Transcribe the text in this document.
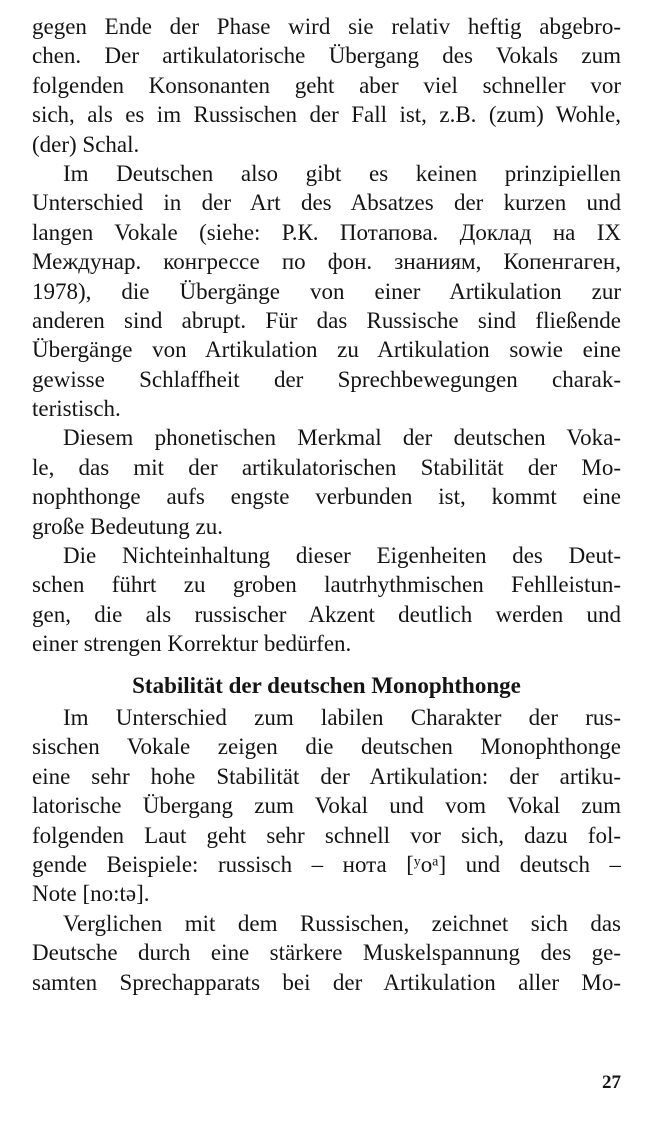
gegen Ende der Phase wird sie relativ heftig abgebro-
chen. Der artikulatorische Übergang des Vokals zum
folgenden Konsonanten geht aber viel schneller vor
sich, als es im Russischen der Fall ist, z.B. (zum) Wohle,
(der) Schal.
Im Deutschen also gibt es keinen prinzipiellen
Unterschied in der Art des Absatzes der kurzen und
langen Vokale (siehe: Р.К. Потапова. Доклад на IX
Междунар. конгрессе по фон. знаниям, Копенгаген,
1978), die Übergänge von einer Artikulation zur
anderen sind abrupt. Für das Russische sind fließende
Übergänge von Artikulation zu Artikulation sowie eine
gewisse Schlaffheit der Sprechbewegungen charak-
teristisch.
Diesem phonetischen Merkmal der deutschen Voka-
le, das mit der artikulatorischen Stabilität der Mo-
nophthonge aufs engste verbunden ist, kommt eine
große Bedeutung zu.
Die Nichteinhaltung dieser Eigenheiten des Deut-
schen führt zu groben lautrhythmischen Fehlleistun-
gen, die als russischer Akzent deutlich werden und
einer strengen Korrektur bedürfen.
Stabilität der deutschen Monophthonge
Im Unterschied zum labilen Charakter der rus-
sischen Vokale zeigen die deutschen Monophthonge
eine sehr hohe Stabilität der Artikulation: der artiku-
latorische Übergang zum Vokal und vom Vokal zum
folgenden Laut geht sehr schnell vor sich, dazu fol-
gende Beispiele: russisch – нота [ʸoᵃ] und deutsch –
Note [no:tə].
Verglichen mit dem Russischen, zeichnet sich das
Deutsche durch eine stärkere Muskelspannung des ge-
samten Sprechapparats bei der Artikulation aller Mo-
27
